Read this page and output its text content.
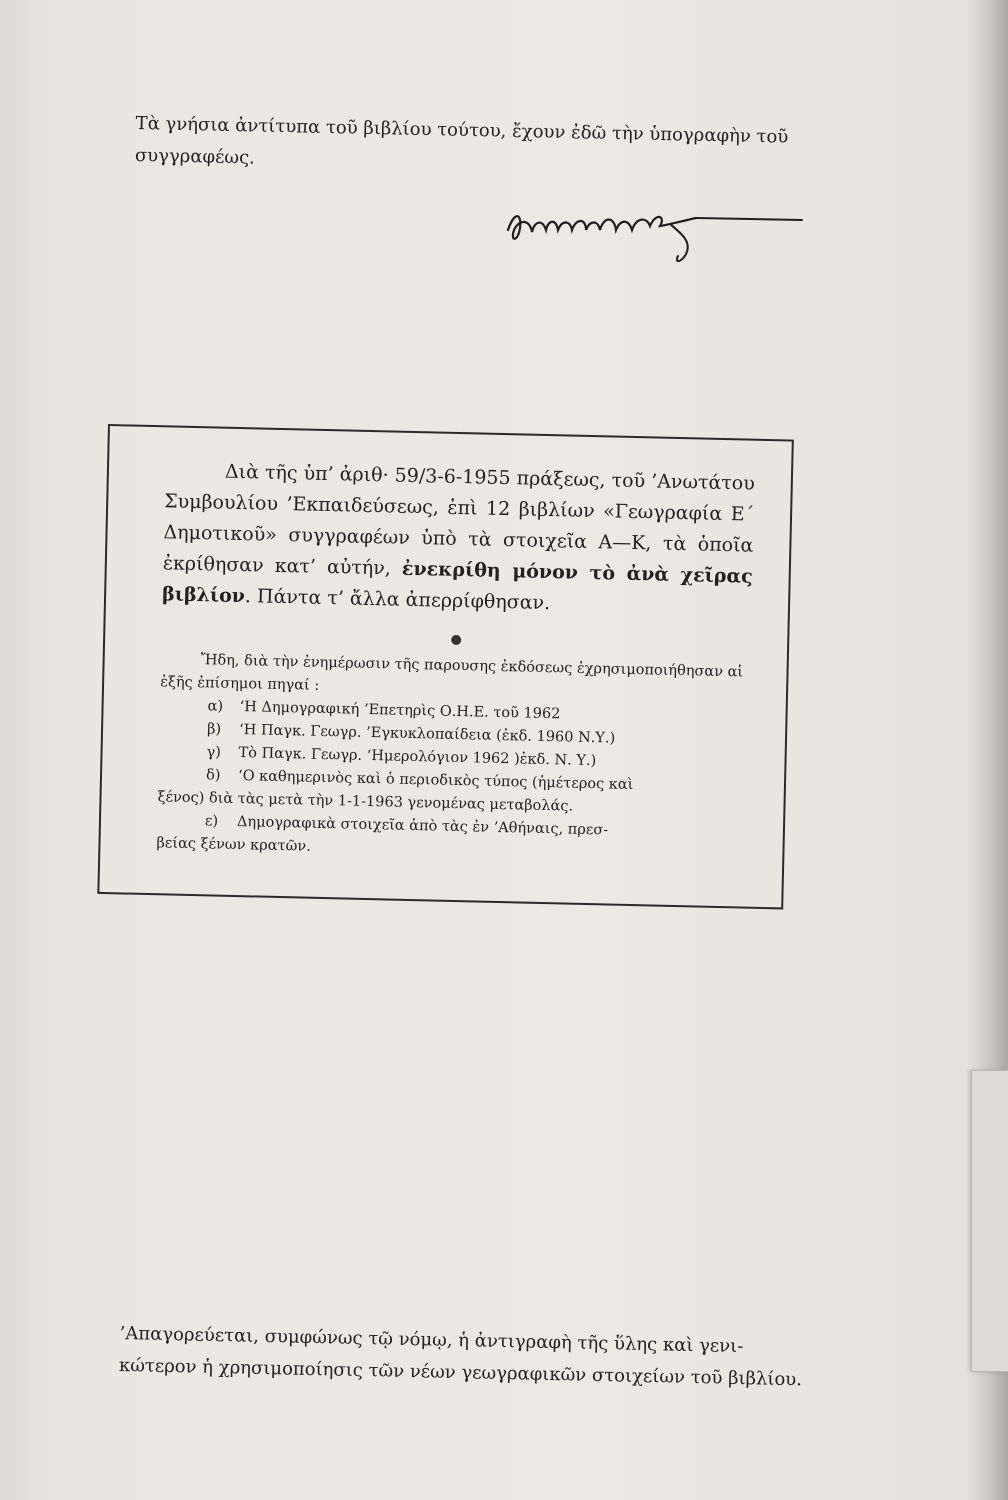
Τὰ γνήσια ἀντίτυπα τοῦ βιβλίου τούτου, ἔχουν ἐδῶ τὴν ὑπογραφὴν τοῦ
συγγραφέως.

Διὰ τῆς ὑπ’ ἀριθ· 59/3-6-1955 πράξεως, τοῦ ’Ανωτάτου Συμβουλίου ’Εκπαιδεύσεως, ἐπὶ 12 βιβλίων «Γεωγραφία Ε΄ Δημοτικοῦ» συγγραφέων ὑπὸ τὰ στοιχεῖα Α—Κ, τὰ ὁποῖα ἐκρίθησαν κατ’ αὐτήν, ἐνεκρίθη μόνον τὸ ἀνὰ χεῖρας βιβλίον. Πάντα τ’ ἄλλα ἀπερρίφθησαν.

Ἤδη, διὰ τὴν ἐνημέρωσιν τῆς παρουσης ἐκδόσεως ἐχρησιμοποιήθησαν αἱ ἑξῆς ἐπίσημοι πηγαί :

α) ‘Η Δημογραφική ’Επετηρὶς Ο.Η.Ε. τοῦ 1962
β) ‘Η Παγκ. Γεωγρ. ’Εγκυκλοπαίδεια (ἐκδ. 1960 Ν.Υ.)
γ) Τὸ Παγκ. Γεωγρ. ‘Ημερολόγιον 1962 )ἐκδ. Ν. Υ.)
δ) ‘Ο καθημερινὸς καὶ ὁ περιοδικὸς τύπος (ἡμέτερος καὶ
ξένος) διὰ τὰς μετὰ τὴν 1-1-1963 γενομένας μεταβολάς.
ε) Δημογραφικὰ στοιχεῖα ἀπὸ τὰς ἐν ’Αθήναις, πρεσ-
βείας ξένων κρατῶν.
’Απαγορεύεται, συμφώνως τῷ νόμῳ, ἡ ἀντιγραφὴ τῆς ὕλης καὶ γενι-
κώτερον ἡ χρησιμοποίησις τῶν νέων γεωγραφικῶν στοιχείων τοῦ βιβλίου.
